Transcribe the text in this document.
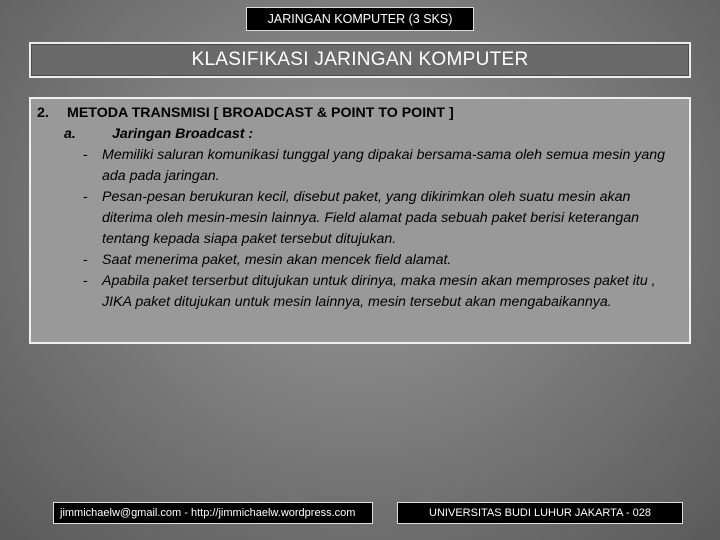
JARINGAN KOMPUTER (3 SKS)
KLASIFIKASI JARINGAN KOMPUTER
2. METODA TRANSMISI [ BROADCAST & POINT TO POINT ]
a.	Jaringan Broadcast :
- Memiliki saluran komunikasi tunggal yang dipakai bersama-sama oleh semua mesin yang ada pada jaringan.
- Pesan-pesan berukuran kecil, disebut paket, yang dikirimkan oleh suatu mesin akan diterima oleh mesin-mesin lainnya. Field alamat pada sebuah paket berisi keterangan tentang kepada siapa paket tersebut ditujukan.
- Saat menerima paket, mesin akan mencek field alamat.
- Apabila paket terserbut ditujukan untuk dirinya, maka mesin akan memproses paket itu , JIKA paket ditujukan untuk mesin lainnya, mesin tersebut akan mengabaikannya.
jimmichaelw@gmail.com - http://jimmichaelw.wordpress.com	UNIVERSITAS BUDI LUHUR JAKARTA - 028
